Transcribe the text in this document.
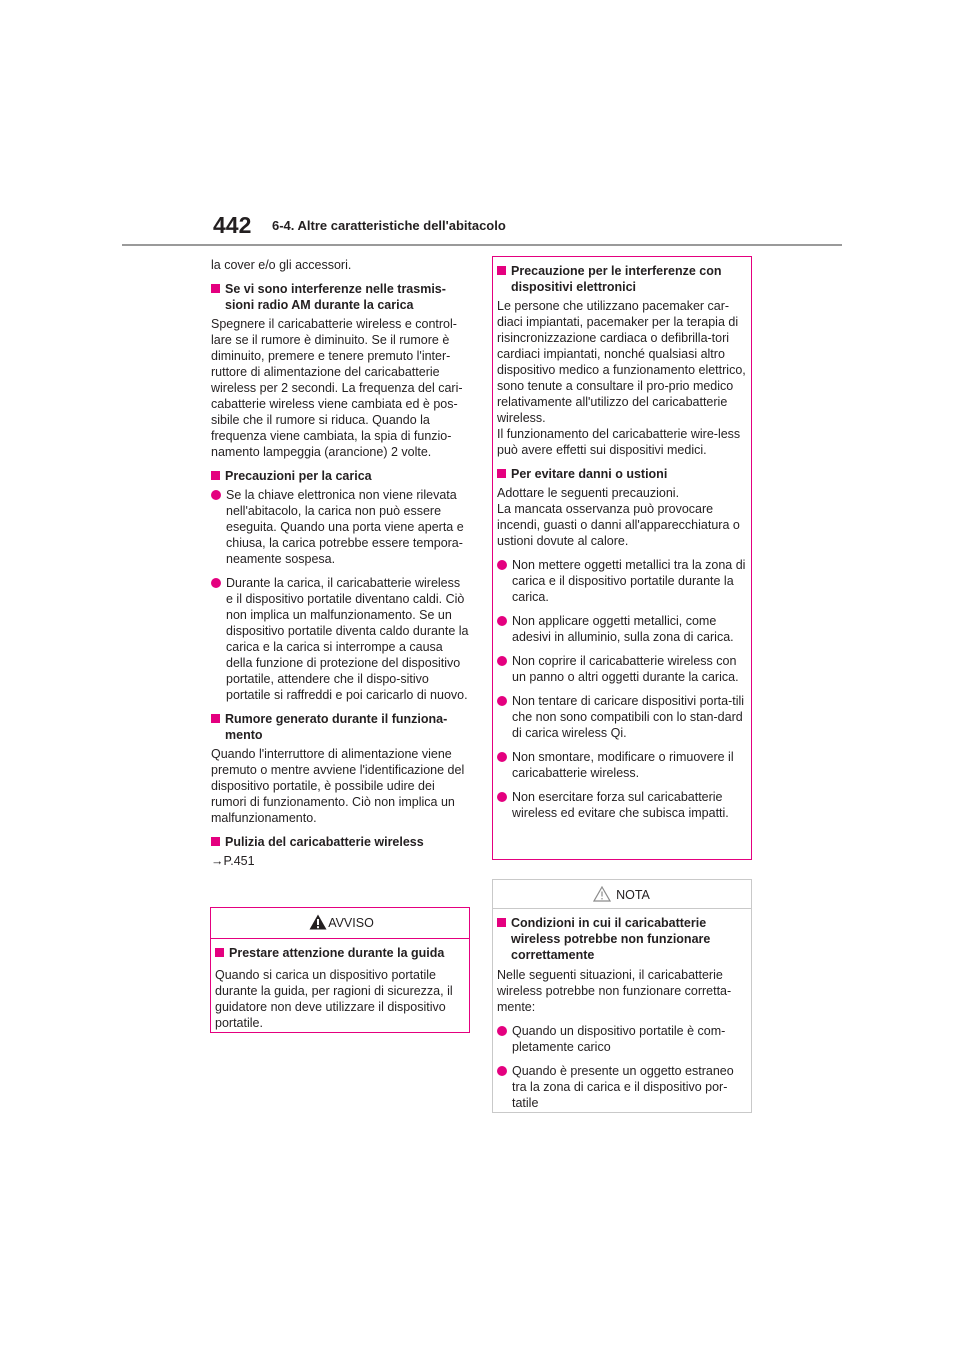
442 6-4. Altre caratteristiche dell'abitacolo

la cover e/o gli accessori.

Se vi sono interferenze nelle trasmis-sioni radio AM durante la carica

Spegnere il caricabatterie wireless e control-lare se il rumore è diminuito. Se il rumore è diminuito, premere e tenere premuto l'inter-ruttore di alimentazione del caricabatterie wireless per 2 secondi. La frequenza del cari-cabatterie wireless viene cambiata ed è pos-sibile che il rumore si riduca. Quando la frequenza viene cambiata, la spia di funzio-namento lampeggia (arancione) 2 volte.

Precauzioni per la carica
Se la chiave elettronica non viene rilevata nell'abitacolo, la carica non può essere eseguita. Quando una porta viene aperta e chiusa, la carica potrebbe essere tempora-neamente sospesa.
Durante la carica, il caricabatterie wireless e il dispositivo portatile diventano caldi. Ciò non implica un malfunzionamento. Se un dispositivo portatile diventa caldo durante la carica e la carica si interrompe a causa della funzione di protezione del dispositivo portatile, attendere che il dispo-sitivo portatile si raffreddi e poi caricarlo di nuovo.
Rumore generato durante il funziona-mento

Quando l'interruttore di alimentazione viene premuto o mentre avviene l'identificazione del dispositivo portatile, è possibile udire dei rumori di funzionamento. Ciò non implica un malfunzionamento.

Pulizia del caricabatterie wireless

→P.451

AVVISO
Prestare attenzione durante la guida

Quando si carica un dispositivo portatile durante la guida, per ragioni di sicurezza, il guidatore non deve utilizzare il dispositivo portatile.

Precauzione per le interferenze con dispositivi elettronici

Le persone che utilizzano pacemaker car-diaci impiantati, pacemaker per la terapia di risincronizzazione cardiaca o defibrilla-tori cardiaci impiantati, nonché qualsiasi altro dispositivo medico a funzionamento elettrico, sono tenute a consultare il pro-prio medico relativamente all'utilizzo del caricabatterie wireless.

Il funzionamento del caricabatterie wire-less può avere effetti sui dispositivi medici.

Per evitare danni o ustioni

Adottare le seguenti precauzioni.

La mancata osservanza può provocare incendi, guasti o danni all'apparecchiatura o ustioni dovute al calore.

Non mettere oggetti metallici tra la zona di carica e il dispositivo portatile durante la carica.
Non applicare oggetti metallici, come adesivi in alluminio, sulla zona di carica.
Non coprire il caricabatterie wireless con un panno o altri oggetti durante la carica.
Non tentare di caricare dispositivi porta-tili che non sono compatibili con lo stan-dard di carica wireless Qi.
Non smontare, modificare o rimuovere il caricabatterie wireless.
Non esercitare forza sul caricabatterie wireless ed evitare che subisca impatti.
NOTA
Condizioni in cui il caricabatterie wireless potrebbe non funzionare correttamente

Nelle seguenti situazioni, il caricabatterie wireless potrebbe non funzionare corretta-mente:

Quando un dispositivo portatile è com-pletamente carico
Quando è presente un oggetto estraneo tra la zona di carica e il dispositivo por-tatile
